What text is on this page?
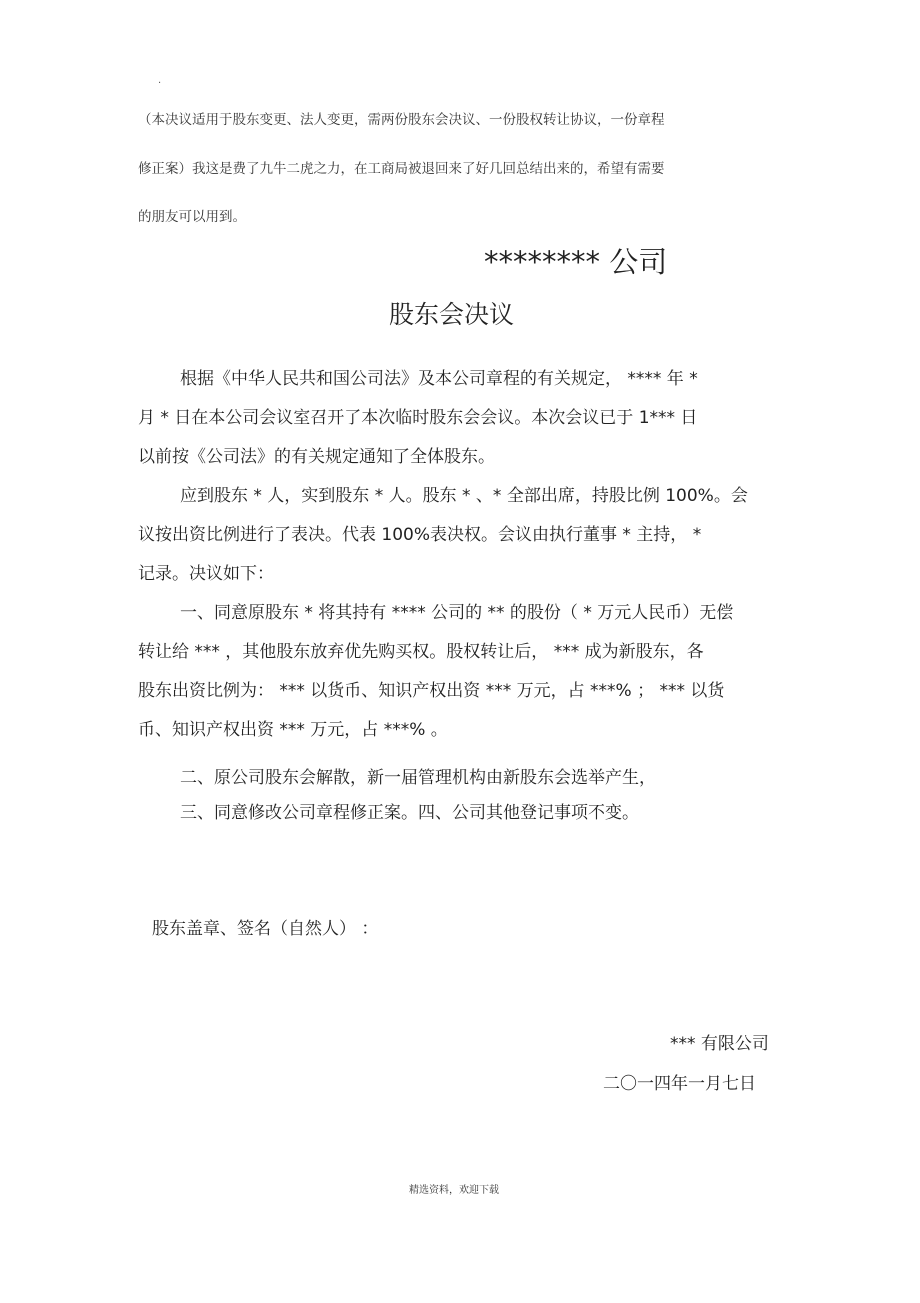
·
（本决议适用于股东变更、法人变更，需两份股东会决议、一份股权转让协议，一份章程
修正案）我这是费了九牛二虎之力，在工商局被退回来了好几回总结出来的，希望有需要
的朋友可以用到。
******** 公司
股东会决议
根据《中华人民共和国公司法》及本公司章程的有关规定， **** 年 *
月 * 日在本公司会议室召开了本次临时股东会会议。本次会议已于 1*** 日
以前按《公司法》的有关规定通知了全体股东。
应到股东 * 人，实到股东 * 人。股东 * 、* 全部出席，持股比例 100%。会
议按出资比例进行了表决。代表 100%表决权。会议由执行董事 * 主持， *
记录。决议如下：
一、同意原股东 * 将其持有 **** 公司的 ** 的股份（ * 万元人民币）无偿
转让给 *** ，其他股东放弃优先购买权。股权转让后， *** 成为新股东，各
股东出资比例为： *** 以货币、知识产权出资 *** 万元，占 ***% ； *** 以货
币、知识产权出资 *** 万元，占 ***% 。
二、原公司股东会解散，新一届管理机构由新股东会选举产生，
三、同意修改公司章程修正案。四、公司其他登记事项不变。
股东盖章、签名（自然人） ：
*** 有限公司
二〇一四年一月七日
精选资料，欢迎下载
